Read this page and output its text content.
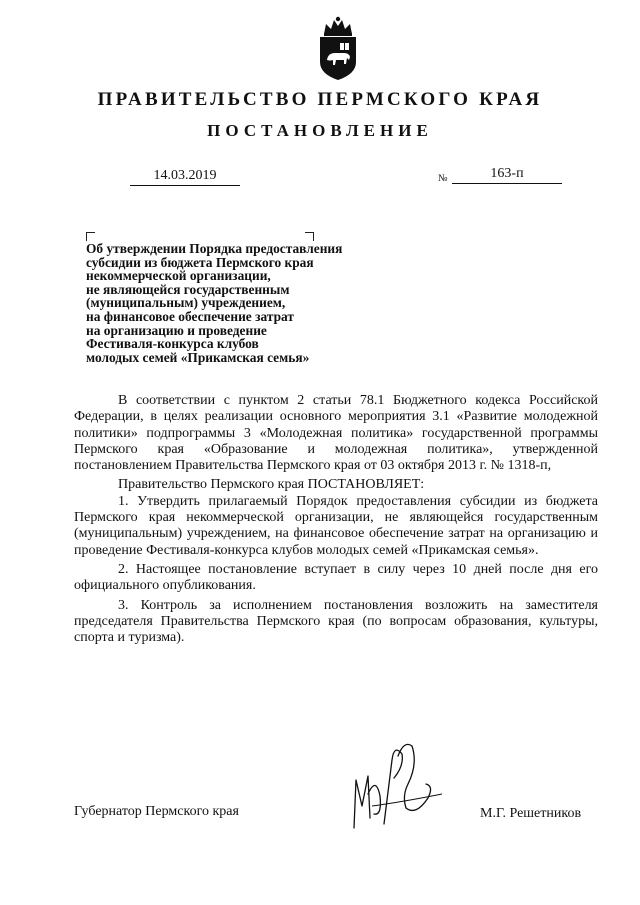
ПРАВИТЕЛЬСТВО ПЕРМСКОГО КРАЯ
ПОСТАНОВЛЕНИЕ
14.03.2019	№	163-п
Об утверждении Порядка предоставления
субсидии из бюджета Пермского края
некоммерческой организации,
не являющейся государственным
(муниципальным) учреждением,
на финансовое обеспечение затрат
на организацию и проведение
Фестиваля-конкурса клубов
молодых семей «Прикамская семья»

В соответствии с пунктом 2 статьи 78.1 Бюджетного кодекса Российской Федерации, в целях реализации основного мероприятия 3.1 «Развитие молодежной политики» подпрограммы 3 «Молодежная политика» государственной программы Пермского края «Образование и молодежная политика», утвержденной постановлением Правительства Пермского края от 03 октября 2013 г. № 1318-п,

Правительство Пермского края ПОСТАНОВЛЯЕТ:

1. Утвердить прилагаемый Порядок предоставления субсидии из бюджета Пермского края некоммерческой организации, не являющейся государственным (муниципальным) учреждением, на финансовое обеспечение затрат на организацию и проведение Фестиваля-конкурса клубов молодых семей «Прикамская семья».

2. Настоящее постановление вступает в силу через 10 дней после дня его официального опубликования.

3. Контроль за исполнением постановления возложить на заместителя председателя Правительства Пермского края (по вопросам образования, культуры, спорта и туризма).

Губернатор Пермского края	М.Г. Решетников
